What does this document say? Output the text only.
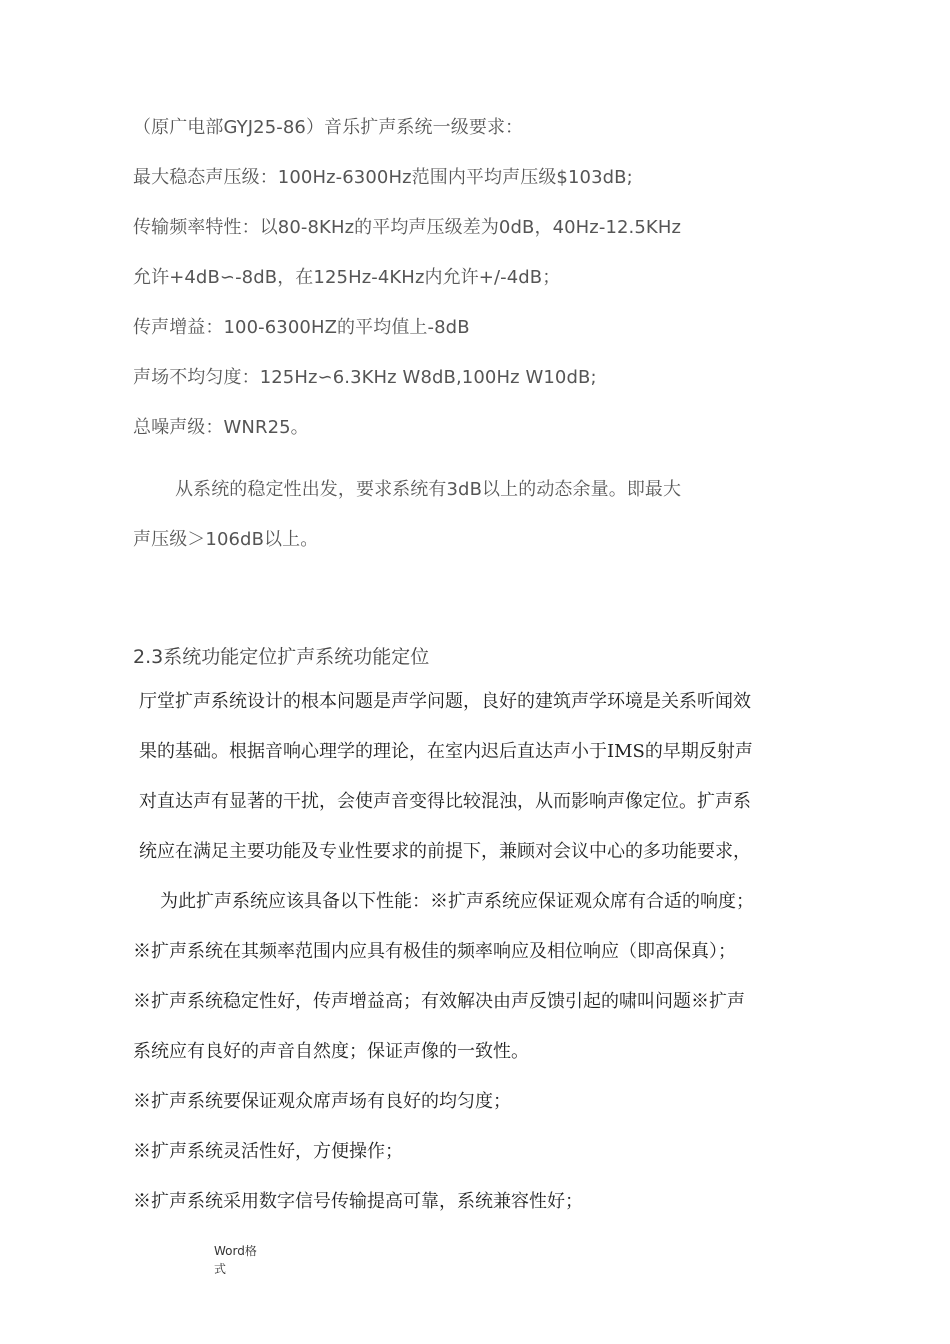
（原广电部GYJ25-86）音乐扩声系统一级要求：
最大稳态声压级：100Hz-6300Hz范围内平均声压级$103dB;
传输频率特性：以80-8KHz的平均声压级差为0dB，40Hz-12.5KHz
允许+4dB∽-8dB，在125Hz-4KHz内允许+/-4dB；
传声增益：100-6300HZ的平均值上-8dB
声场不均匀度：125Hz∽6.3KHz W8dB,100Hz W10dB;
总噪声级：WNR25。
从系统的稳定性出发，要求系统有3dB以上的动态余量。即最大
声压级＞106dB以上。
2.3系统功能定位扩声系统功能定位
厅堂扩声系统设计的根本问题是声学问题，良好的建筑声学环境是关系听闻效
果的基础。根据音响心理学的理论，在室内迟后直达声小于IMS的早期反射声
对直达声有显著的干扰，会使声音变得比较混浊，从而影响声像定位。扩声系
统应在满足主要功能及专业性要求的前提下，兼顾对会议中心的多功能要求，
为此扩声系统应该具备以下性能：※扩声系统应保证观众席有合适的响度；
※扩声系统在其频率范围内应具有极佳的频率响应及相位响应（即高保真）；
※扩声系统稳定性好，传声增益高；有效解决由声反馈引起的啸叫问题※扩声
系统应有良好的声音自然度；保证声像的一致性。
※扩声系统要保证观众席声场有良好的均匀度；
※扩声系统灵活性好，方便操作；
※扩声系统采用数字信号传输提高可靠，系统兼容性好；
Word格
式
